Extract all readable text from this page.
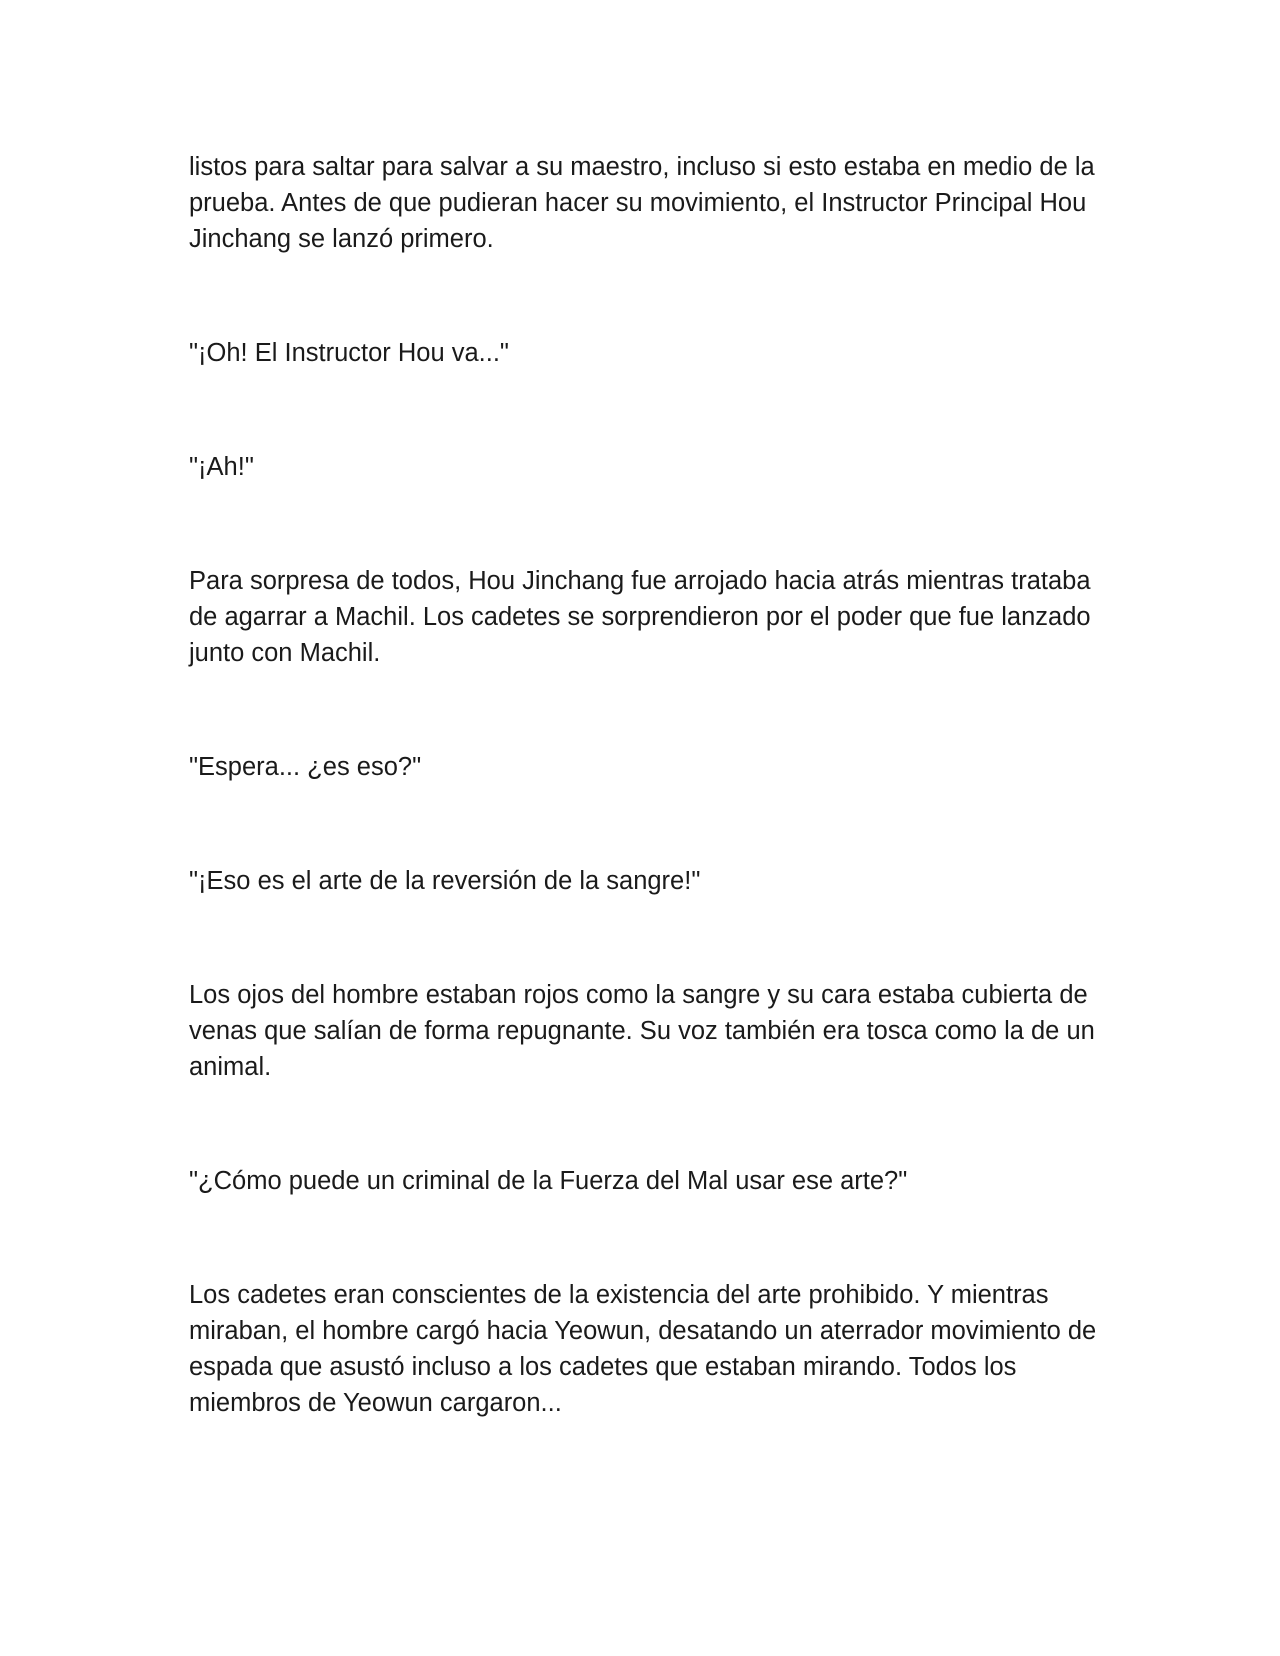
listos para saltar para salvar a su maestro, incluso si esto estaba en medio de la prueba. Antes de que pudieran hacer su movimiento, el Instructor Principal Hou Jinchang se lanzó primero.

"¡Oh! El Instructor Hou va..."

"¡Ah!"

Para sorpresa de todos, Hou Jinchang fue arrojado hacia atrás mientras trataba de agarrar a Machil. Los cadetes se sorprendieron por el poder que fue lanzado junto con Machil.

"Espera... ¿es eso?"

"¡Eso es el arte de la reversión de la sangre!"

Los ojos del hombre estaban rojos como la sangre y su cara estaba cubierta de venas que salían de forma repugnante. Su voz también era tosca como la de un animal.

"¿Cómo puede un criminal de la Fuerza del Mal usar ese arte?"

Los cadetes eran conscientes de la existencia del arte prohibido. Y mientras miraban, el hombre cargó hacia Yeowun, desatando un aterrador movimiento de espada que asustó incluso a los cadetes que estaban mirando. Todos los miembros de Yeowun cargaron...
